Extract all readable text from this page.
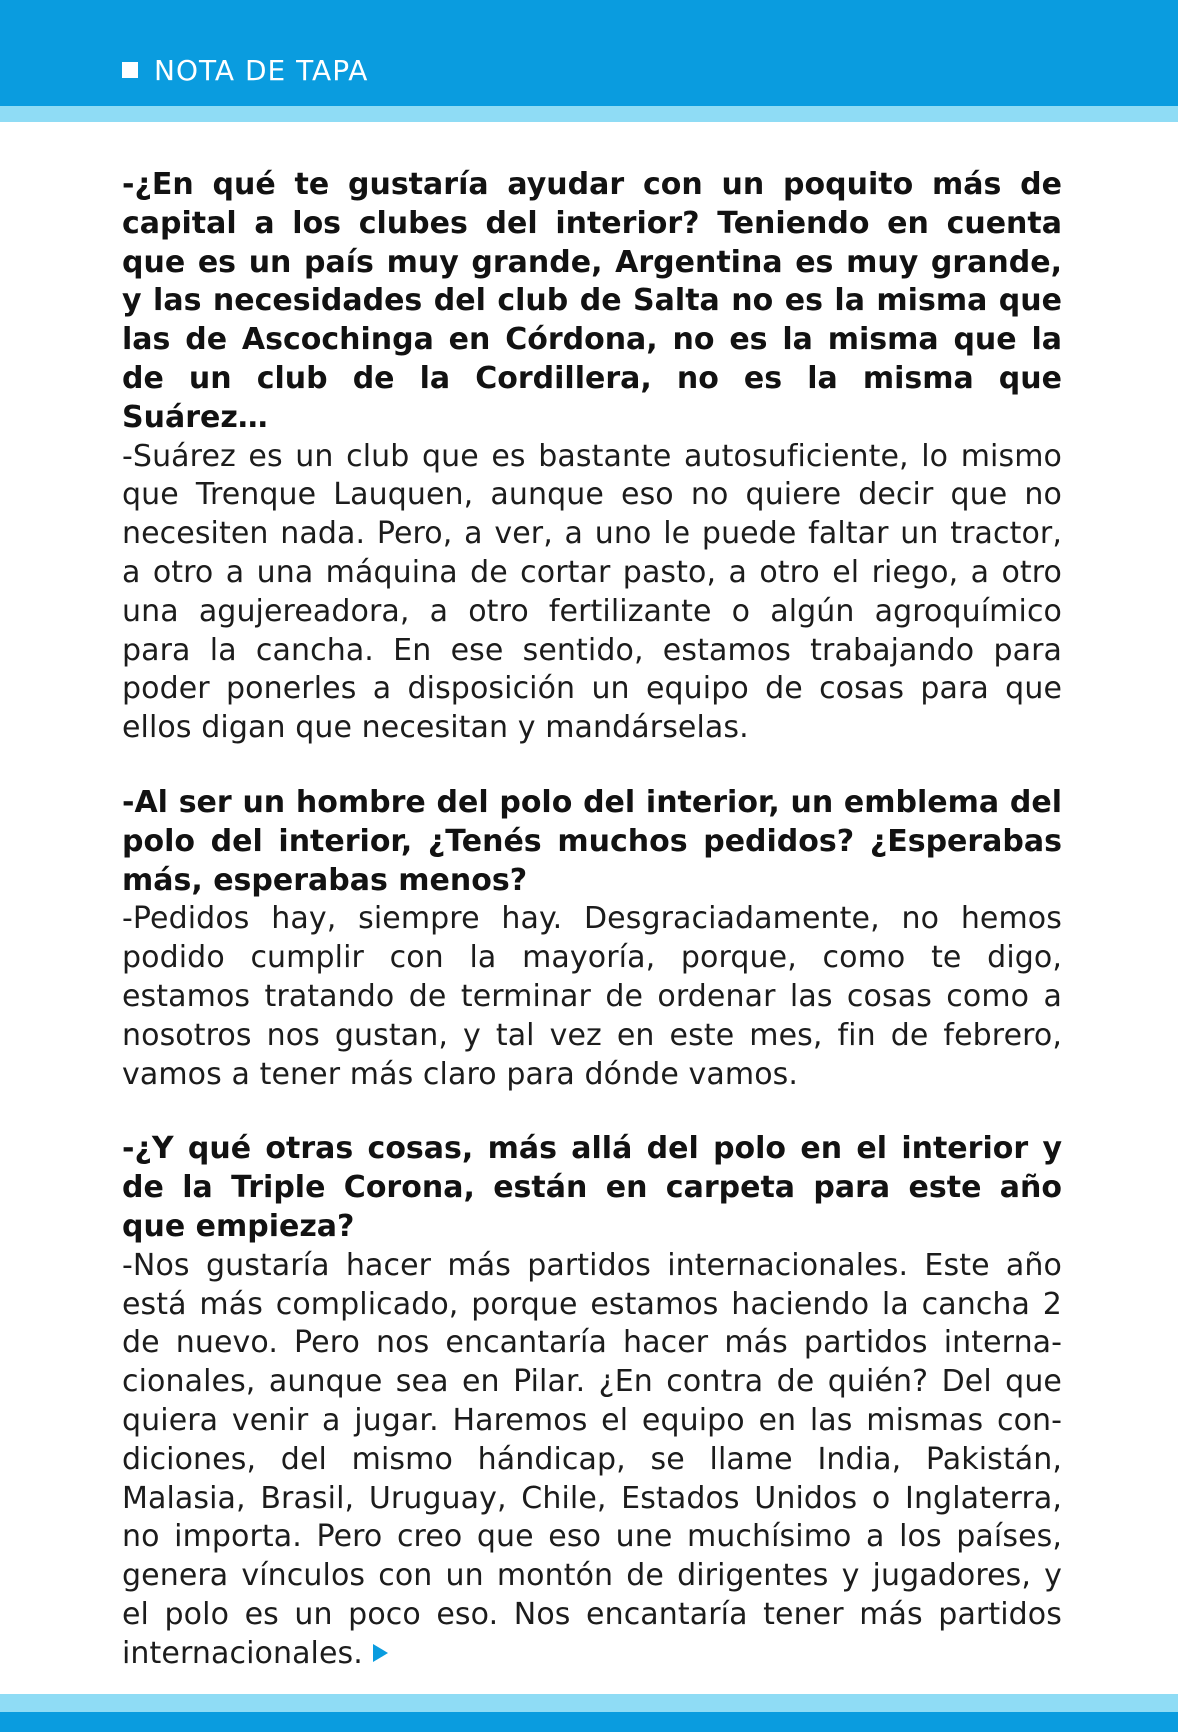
NOTA DE TAPA

-¿En qué te gustaría ayudar con un poquito más de capital a los clubes del interior? Teniendo en cuenta que es un país muy grande, Argentina es muy grande, y las necesidades del club de Salta no es la misma que las de Ascochinga en Córdona, no es la misma que la de un club de la Cordillera, no es la misma que Suárez…

-Suárez es un club que es bastante autosuficiente, lo mismo que Trenque Lauquen, aunque eso no quiere decir que no necesiten nada. Pero, a ver, a uno le puede faltar un tractor, a otro a una máquina de cortar pasto, a otro el riego, a otro una agujereadora, a otro fertilizante o algún agroquímico para la cancha. En ese sentido, estamos trabajando para poder ponerles a disposición un equipo de cosas para que ellos digan que necesitan y mandárselas.

-Al ser un hombre del polo del interior, un emblema del polo del interior, ¿Tenés muchos pedidos? ¿Esperabas más, esperabas menos?

-Pedidos hay, siempre hay. Desgraciadamente, no hemos podido cumplir con la mayoría, porque, como te digo, estamos tratando de terminar de ordenar las cosas como a nosotros nos gustan, y tal vez en este mes, fin de febrero, vamos a tener más claro para dónde vamos.

-¿Y qué otras cosas, más allá del polo en el interior y de la Triple Corona, están en carpeta para este año que empieza?

-Nos gustaría hacer más partidos internacionales. Este año está más complicado, porque estamos haciendo la cancha 2 de nuevo. Pero nos encantaría hacer más partidos internacionales, aunque sea en Pilar. ¿En contra de quién? Del que quiera venir a jugar. Haremos el equipo en las mismas condiciones, del mismo hándicap, se llame India, Pakistán, Malasia, Brasil, Uruguay, Chile, Estados Unidos o Inglaterra, no importa. Pero creo que eso une muchísimo a los países, genera vínculos con un montón de dirigentes y jugadores, y el polo es un poco eso. Nos encantaría tener más partidos internacionales.
